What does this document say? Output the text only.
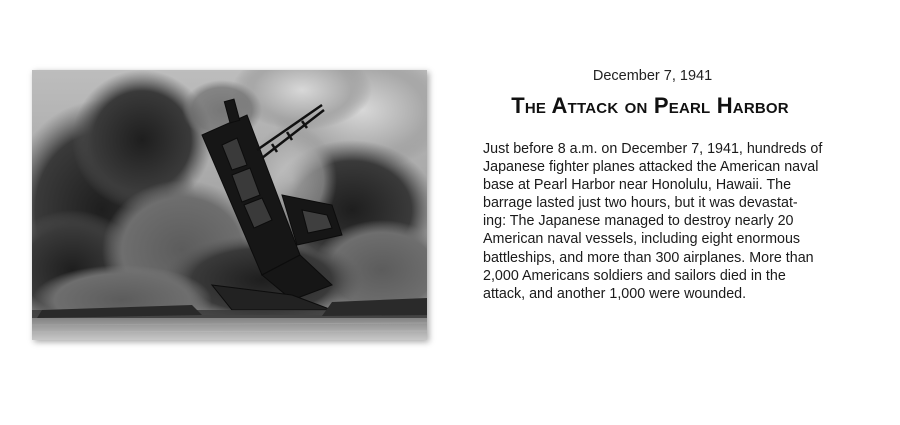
December 7, 1941
The Attack on Pearl Harbor
Just before 8 a.m. on December 7, 1941, hundreds of
Japanese fighter planes attacked the American naval
base at Pearl Harbor near Honolulu, Hawaii. The
barrage lasted just two hours, but it was devastat-
ing: The Japanese managed to destroy nearly 20
American naval vessels, including eight enormous
battleships, and more than 300 airplanes. More than
2,000 Americans soldiers and sailors died in the
attack, and another 1,000 were wounded.
